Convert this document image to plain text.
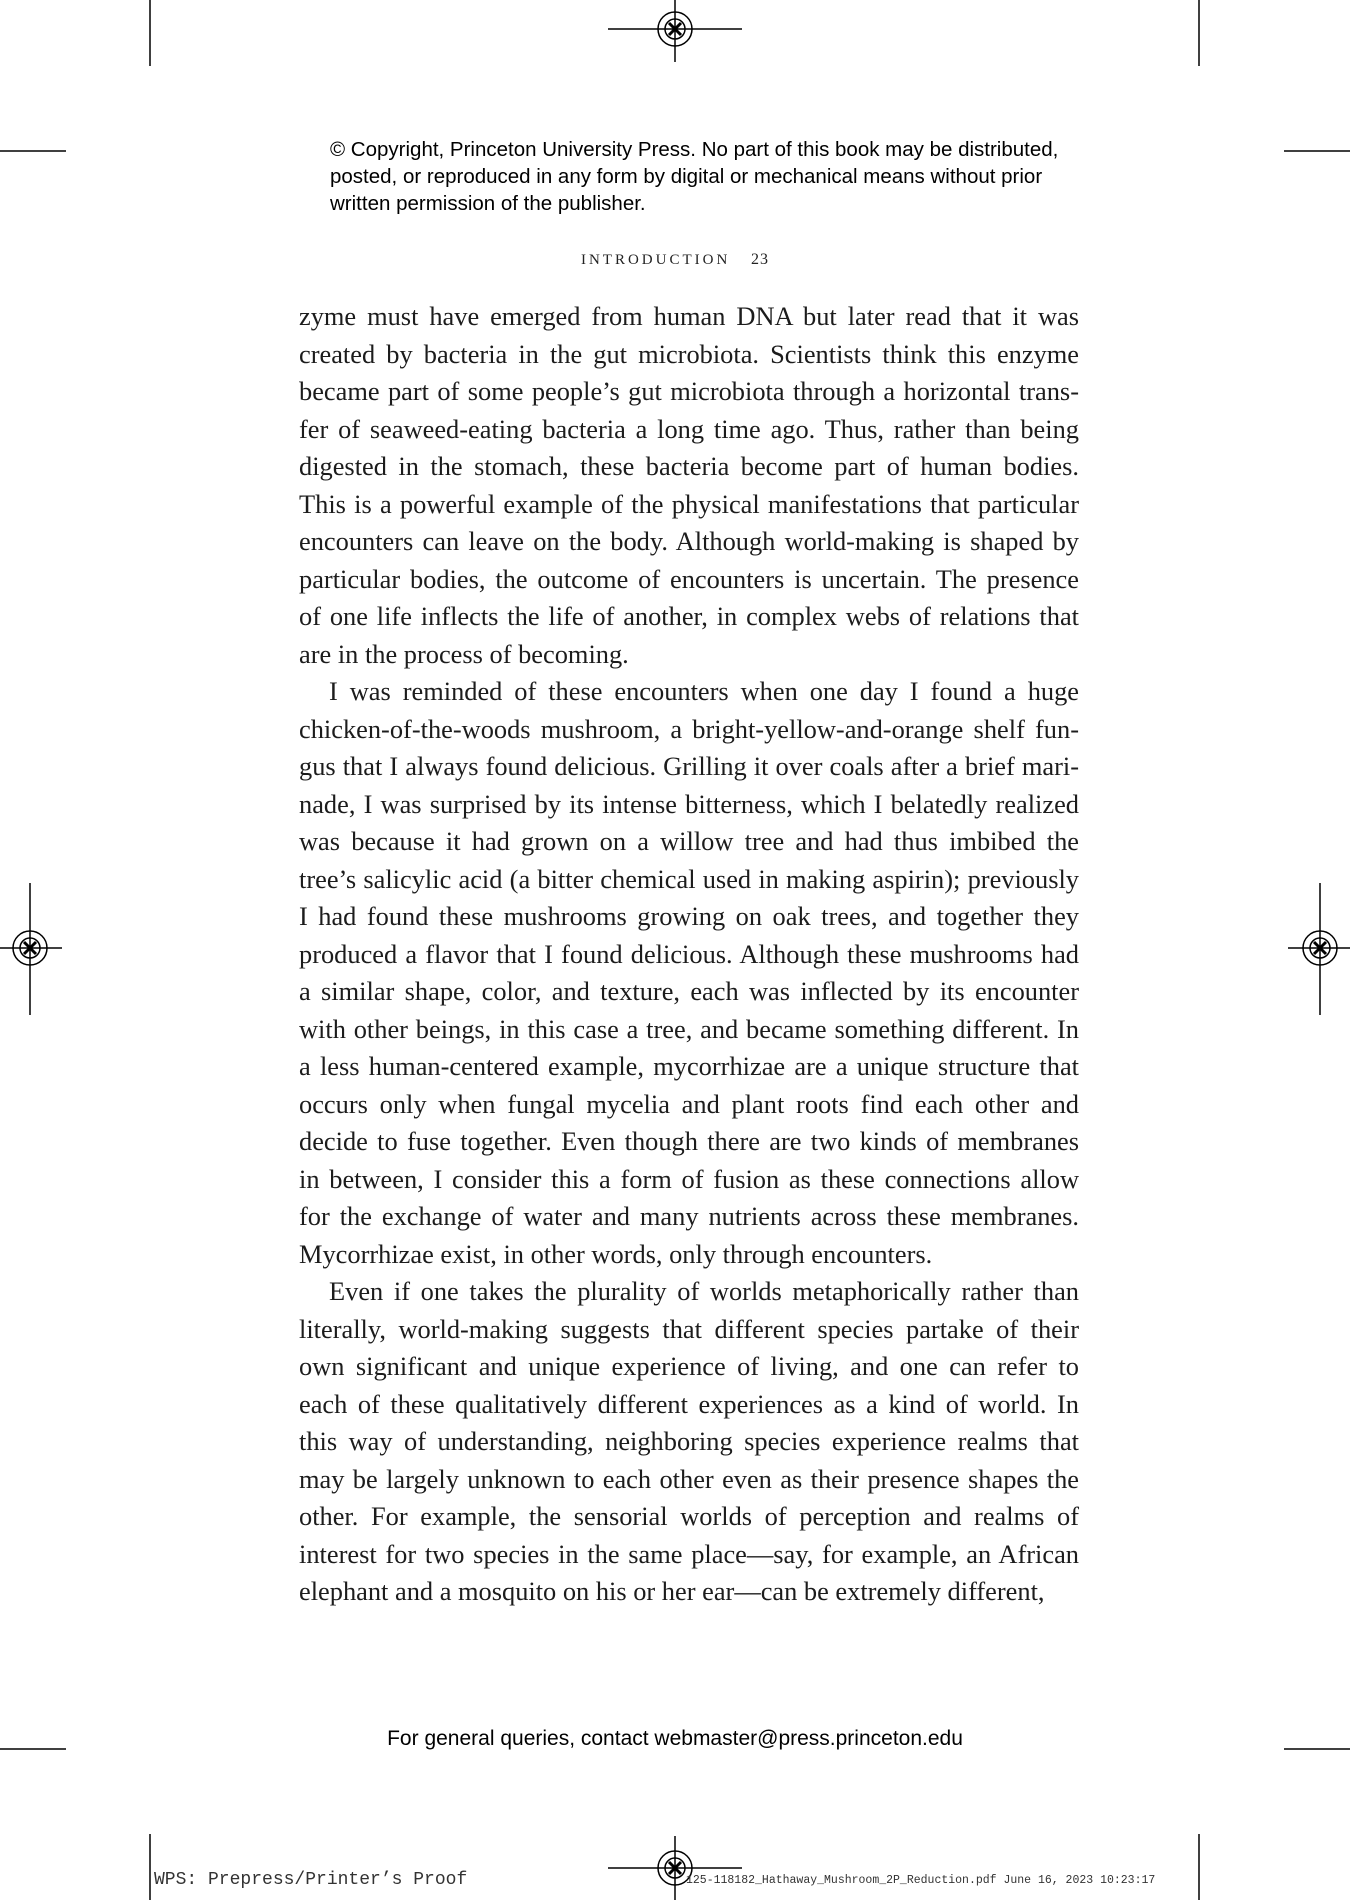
© Copyright, Princeton University Press. No part of this book may be distributed, posted, or reproduced in any form by digital or mechanical means without prior written permission of the publisher.
INTRODUCTION 23
zyme must have emerged from human DNA but later read that it was
created by bacteria in the gut microbiota. Scientists think this enzyme
became part of some people’s gut microbiota through a horizontal trans-
fer of seaweed-eating bacteria a long time ago. Thus, rather than being
digested in the stomach, these bacteria become part of human bodies.
This is a powerful example of the physical manifestations that particular
encounters can leave on the body. Although world-making is shaped by
particular bodies, the outcome of encounters is uncertain. The presence
of one life inflects the life of another, in complex webs of relations that
are in the process of becoming.
I was reminded of these encounters when one day I found a huge
chicken-of-the-woods mushroom, a bright-yellow-and-orange shelf fun-
gus that I always found delicious. Grilling it over coals after a brief mari-
nade, I was surprised by its intense bitterness, which I belatedly realized
was because it had grown on a willow tree and had thus imbibed the
tree’s salicylic acid (a bitter chemical used in making aspirin); previously
I had found these mushrooms growing on oak trees, and together they
produced a flavor that I found delicious. Although these mushrooms had
a similar shape, color, and texture, each was inflected by its encounter
with other beings, in this case a tree, and became something different. In
a less human-centered example, mycorrhizae are a unique structure that
occurs only when fungal mycelia and plant roots find each other and
decide to fuse together. Even though there are two kinds of membranes
in between, I consider this a form of fusion as these connections allow
for the exchange of water and many nutrients across these membranes.
Mycorrhizae exist, in other words, only through encounters.
Even if one takes the plurality of worlds metaphorically rather than
literally, world-making suggests that different species partake of their
own significant and unique experience of living, and one can refer to
each of these qualitatively different experiences as a kind of world. In
this way of understanding, neighboring species experience realms that
may be largely unknown to each other even as their presence shapes the
other. For example, the sensorial worlds of perception and realms of
interest for two species in the same place—say, for example, an African
elephant and a mosquito on his or her ear—can be extremely different,
For general queries, contact webmaster@press.princeton.edu
WPS: Prepress/Printer’s Proof	125-118182_Hathaway_Mushroom_2P_Reduction.pdf June 16, 2023 10:23:17
